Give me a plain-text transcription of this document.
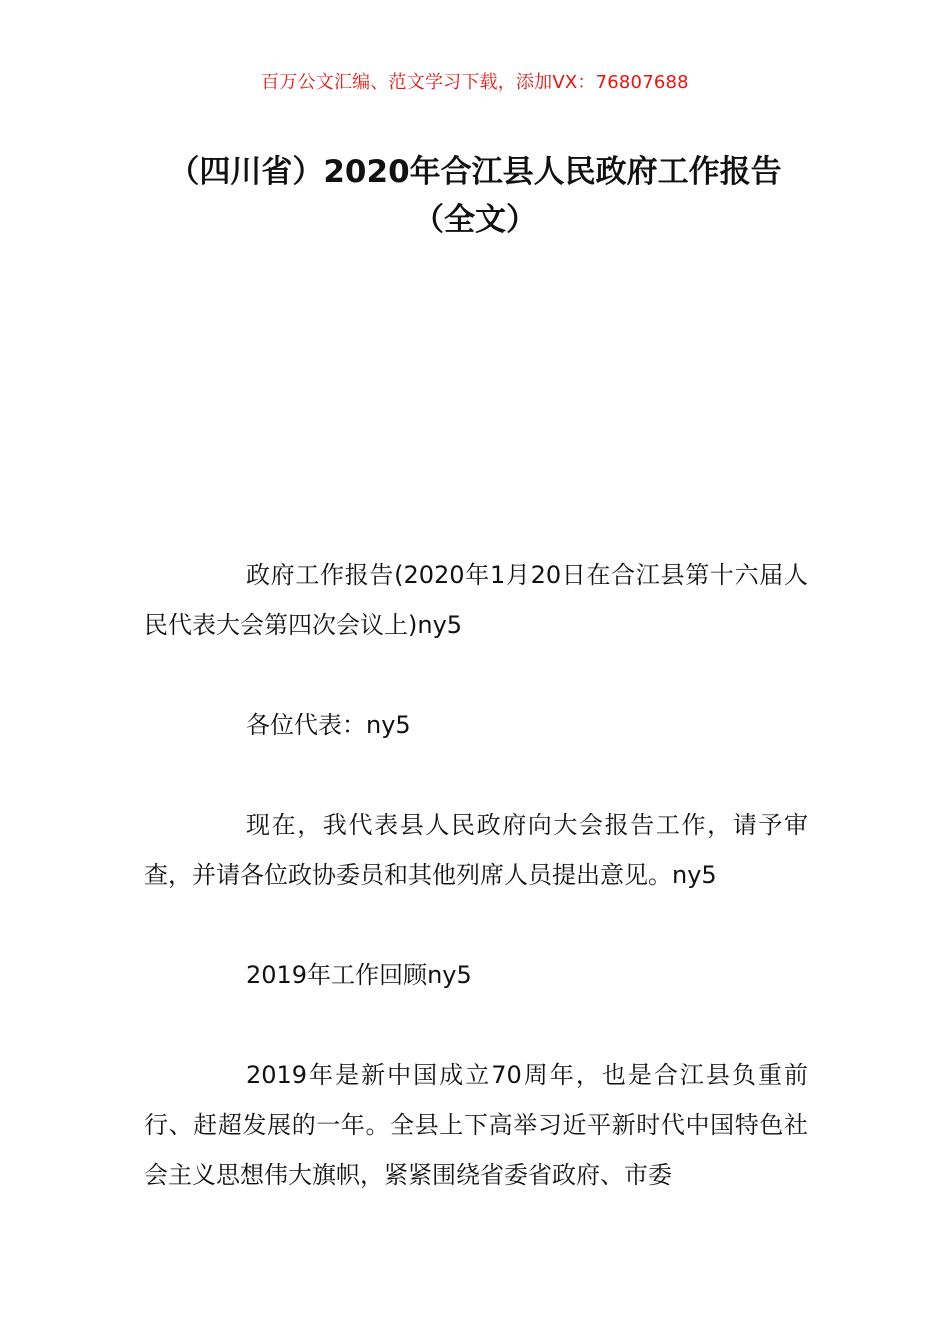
百万公文汇编、范文学习下载，添加VX：76807688
（四川省）2020年合江县人民政府工作报告（全文）

政府工作报告(2020年1月20日在合江县第十六届人民代表大会第四次会议上)ny5

各位代表：ny5

现在，我代表县人民政府向大会报告工作，请予审查，并请各位政协委员和其他列席人员提出意见。ny5

2019年工作回顾ny5

2019年是新中国成立70周年，也是合江县负重前行、赶超发展的一年。全县上下高举习近平新时代中国特色社会主义思想伟大旗帜，紧紧围绕省委省政府、市委
